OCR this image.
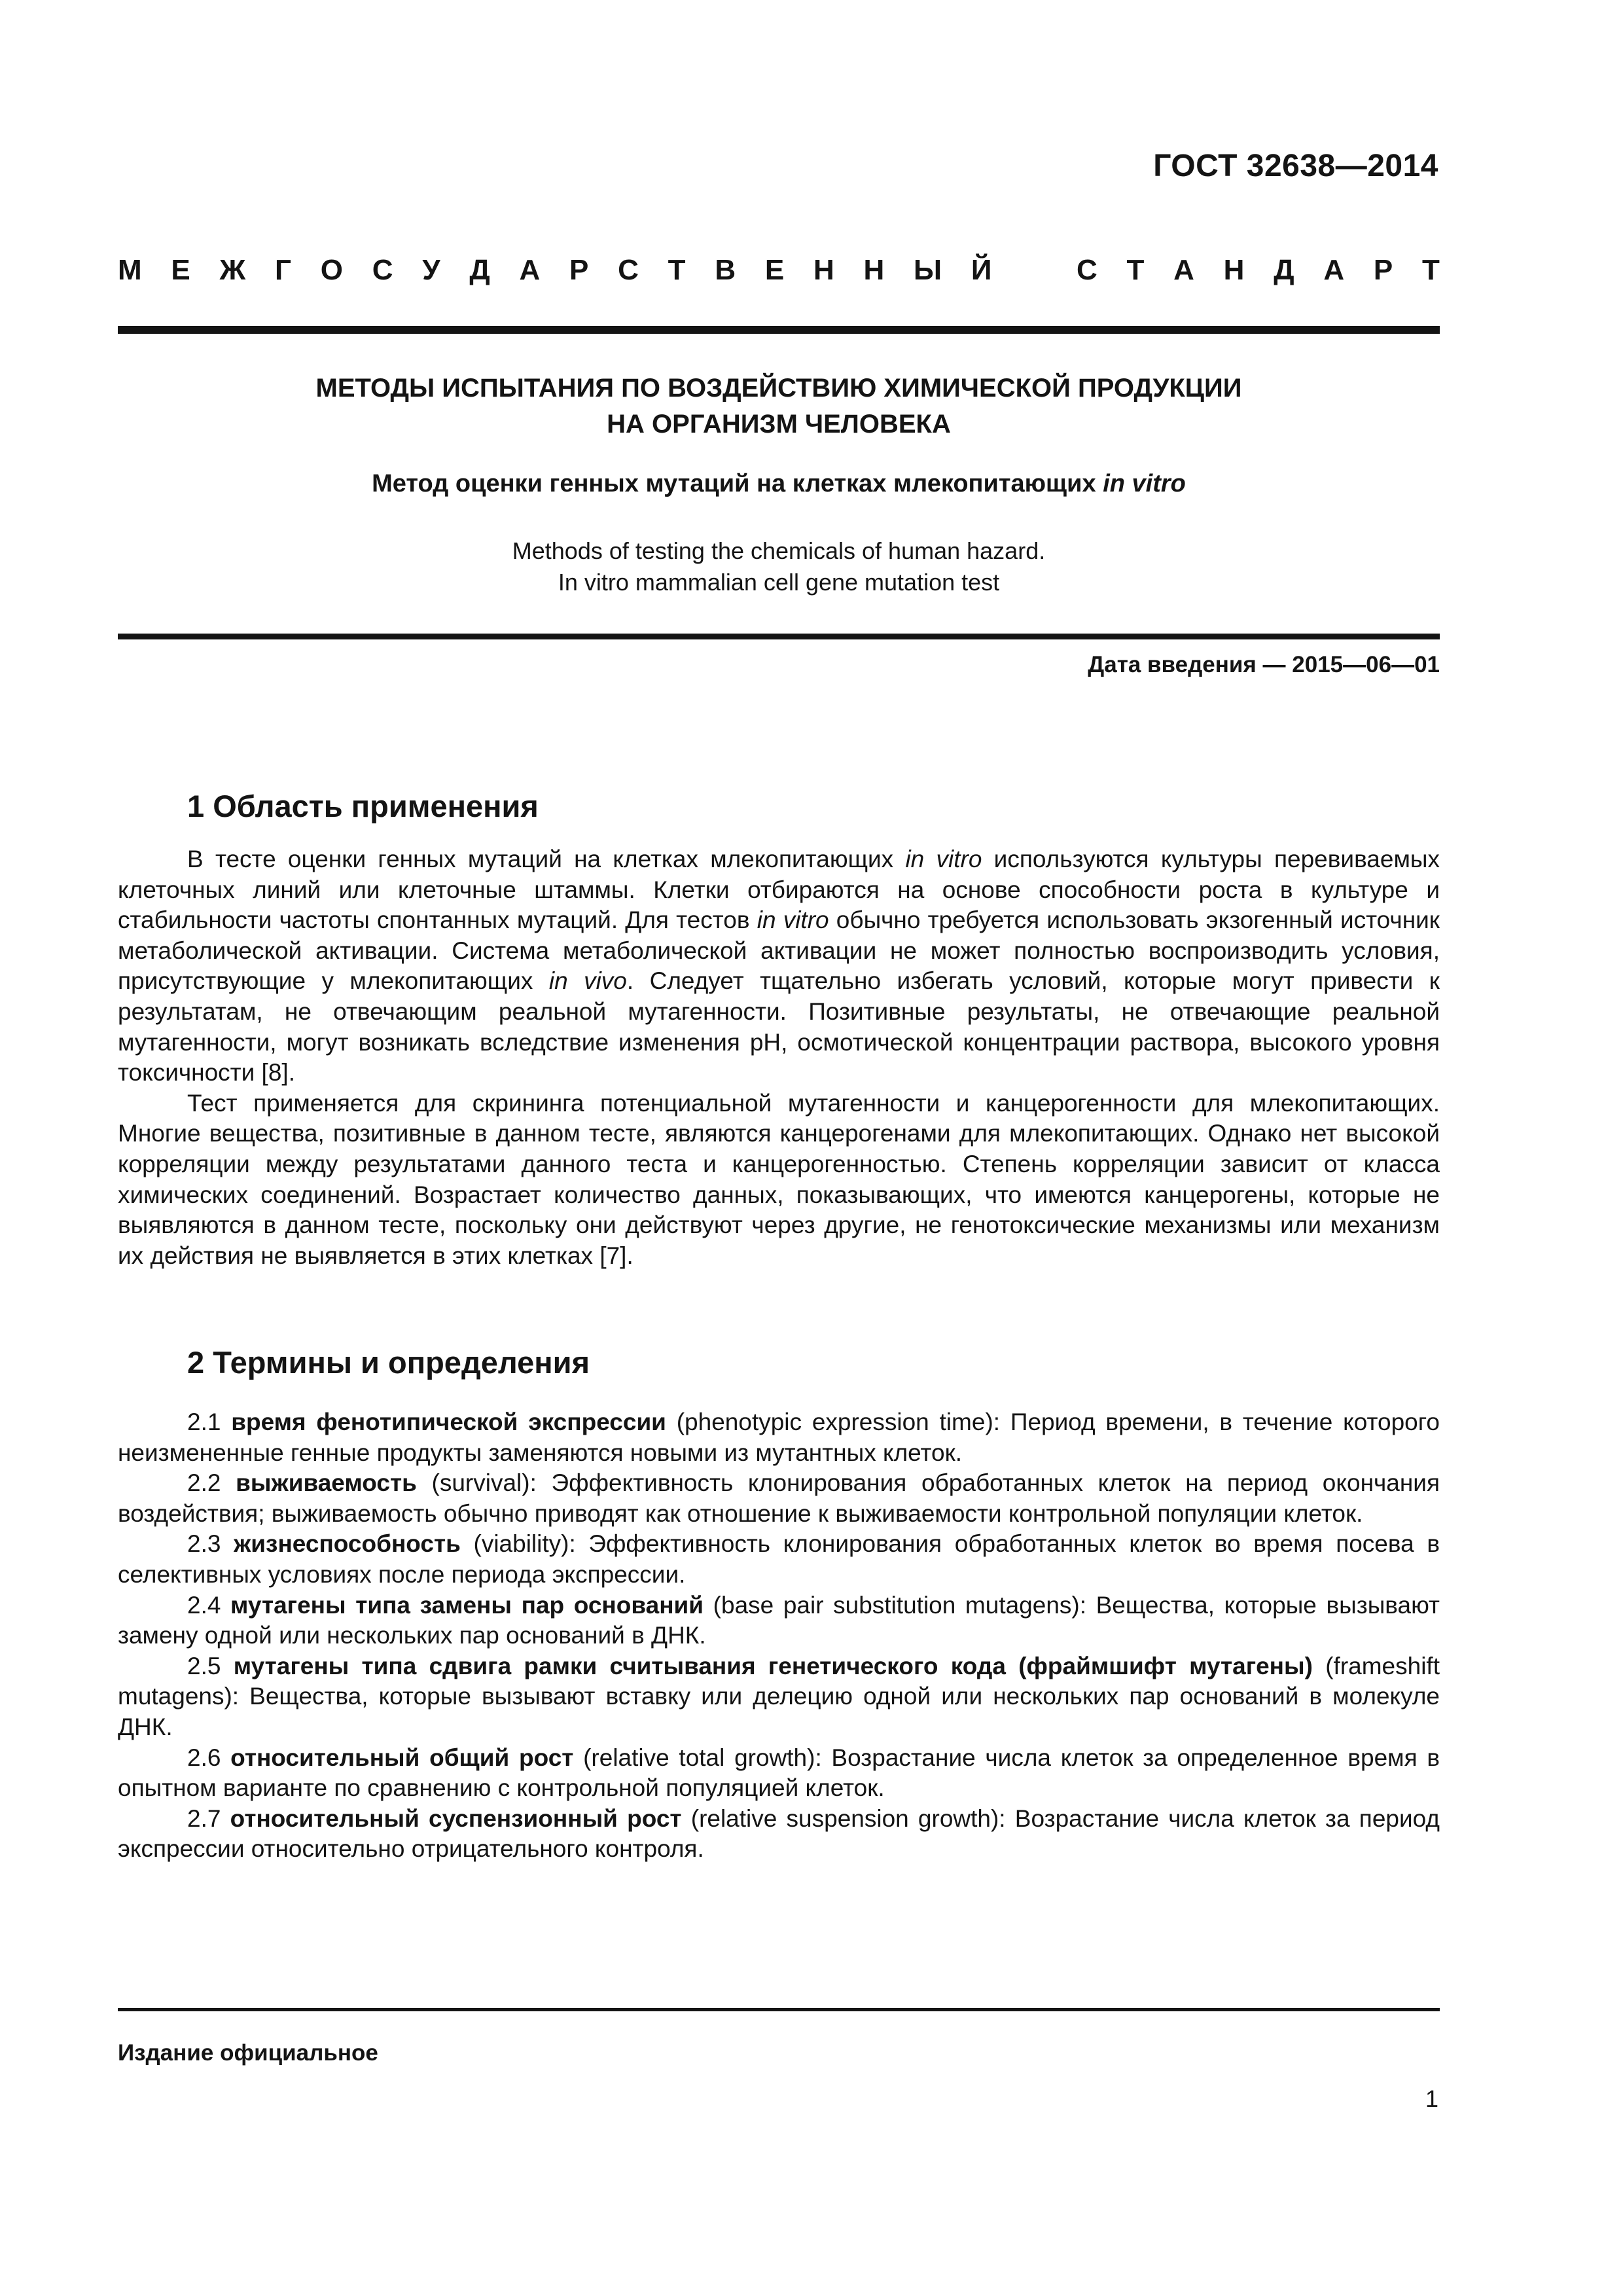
ГОСТ 32638—2014
М Е Ж Г О С У Д А Р С Т В Е Н Н Ы Й	С Т А Н Д А Р Т
МЕТОДЫ ИСПЫТАНИЯ ПО ВОЗДЕЙСТВИЮ ХИМИЧЕСКОЙ ПРОДУКЦИИ
НА ОРГАНИЗМ ЧЕЛОВЕКА
Метод оценки генных мутаций на клетках млекопитающих in vitro
Methods of testing the chemicals of human hazard.
In vitro mammalian cell gene mutation test
Дата введения — 2015—06—01
1 Область применения

В тесте оценки генных мутаций на клетках млекопитающих in vitro используются культуры перевиваемых клеточных линий или клеточные штаммы. Клетки отбираются на основе способности роста в культуре и стабильности частоты спонтанных мутаций. Для тестов in vitro обычно требуется использовать экзогенный источник метаболической активации. Система метаболической активации не может полностью воспроизводить условия, присутствующие у млекопитающих in vivo. Следует тщательно избегать условий, которые могут привести к результатам, не отвечающим реальной мутагенности. Позитивные результаты, не отвечающие реальной мутагенности, могут возникать вследствие изменения pH, осмотической концентрации раствора, высокого уровня токсичности [8].

Тест применяется для скрининга потенциальной мутагенности и канцерогенности для млекопитающих. Многие вещества, позитивные в данном тесте, являются канцерогенами для млекопитающих. Однако нет высокой корреляции между результатами данного теста и канцерогенностью. Степень корреляции зависит от класса химических соединений. Возрастает количество данных, показывающих, что имеются канцерогены, которые не выявляются в данном тесте, поскольку они действуют через другие, не генотоксические механизмы или механизм их действия не выявляется в этих клетках [7].

2 Термины и определения

2.1 время фенотипической экспрессии (phenotypic expression time): Период времени, в течение которого неизмененные генные продукты заменяются новыми из мутантных клеток.

2.2 выживаемость (survival): Эффективность клонирования обработанных клеток на период окончания воздействия; выживаемость обычно приводят как отношение к выживаемости контрольной популяции клеток.

2.3 жизнеспособность (viability): Эффективность клонирования обработанных клеток во время посева в селективных условиях после периода экспрессии.

2.4 мутагены типа замены пар оснований (base pair substitution mutagens): Вещества, которые вызывают замену одной или нескольких пар оснований в ДНК.

2.5 мутагены типа сдвига рамки считывания генетического кода (фраймшифт мутагены) (frameshift mutagens): Вещества, которые вызывают вставку или делецию одной или нескольких пар оснований в молекуле ДНК.

2.6 относительный общий рост (relative total growth): Возрастание числа клеток за определенное время в опытном варианте по сравнению с контрольной популяцией клеток.

2.7 относительный суспензионный рост (relative suspension growth): Возрастание числа клеток за период экспрессии относительно отрицательного контроля.

Издание официальное
1
